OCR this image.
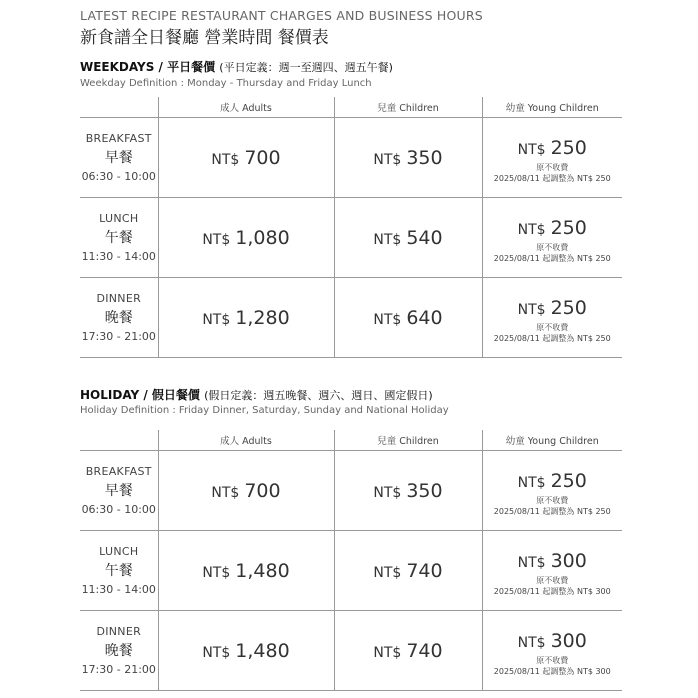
LATEST RECIPE RESTAURANT CHARGES AND BUSINESS HOURS
新食譜全日餐廳 營業時間 餐價表
WEEKDAYS / 平日餐價 (平日定義：週一至週四、週五午餐)
Weekday Definition : Monday - Thursday and Friday Lunch
	成人 Adults	兒童 Children	幼童 Young Children

BREAKFAST
早餐
06:30 - 10:00	NT$ 700	NT$ 350	NT$ 250
原不收費
2025/08/11 起調整為 NT$ 250

LUNCH
午餐
11:30 - 14:00	NT$ 1,080	NT$ 540	NT$ 250
原不收費
2025/08/11 起調整為 NT$ 250

DINNER
晚餐
17:30 - 21:00	NT$ 1,280	NT$ 640	NT$ 250
原不收費
2025/08/11 起調整為 NT$ 250
HOLIDAY / 假日餐價 (假日定義：週五晚餐、週六、週日、國定假日)
Holiday Definition : Friday Dinner, Saturday, Sunday and National Holiday
	成人 Adults	兒童 Children	幼童 Young Children

BREAKFAST
早餐
06:30 - 10:00	NT$ 700	NT$ 350	NT$ 250
原不收費
2025/08/11 起調整為 NT$ 250

LUNCH
午餐
11:30 - 14:00	NT$ 1,480	NT$ 740	NT$ 300
原不收費
2025/08/11 起調整為 NT$ 300

DINNER
晚餐
17:30 - 21:00	NT$ 1,480	NT$ 740	NT$ 300
原不收費
2025/08/11 起調整為 NT$ 300
